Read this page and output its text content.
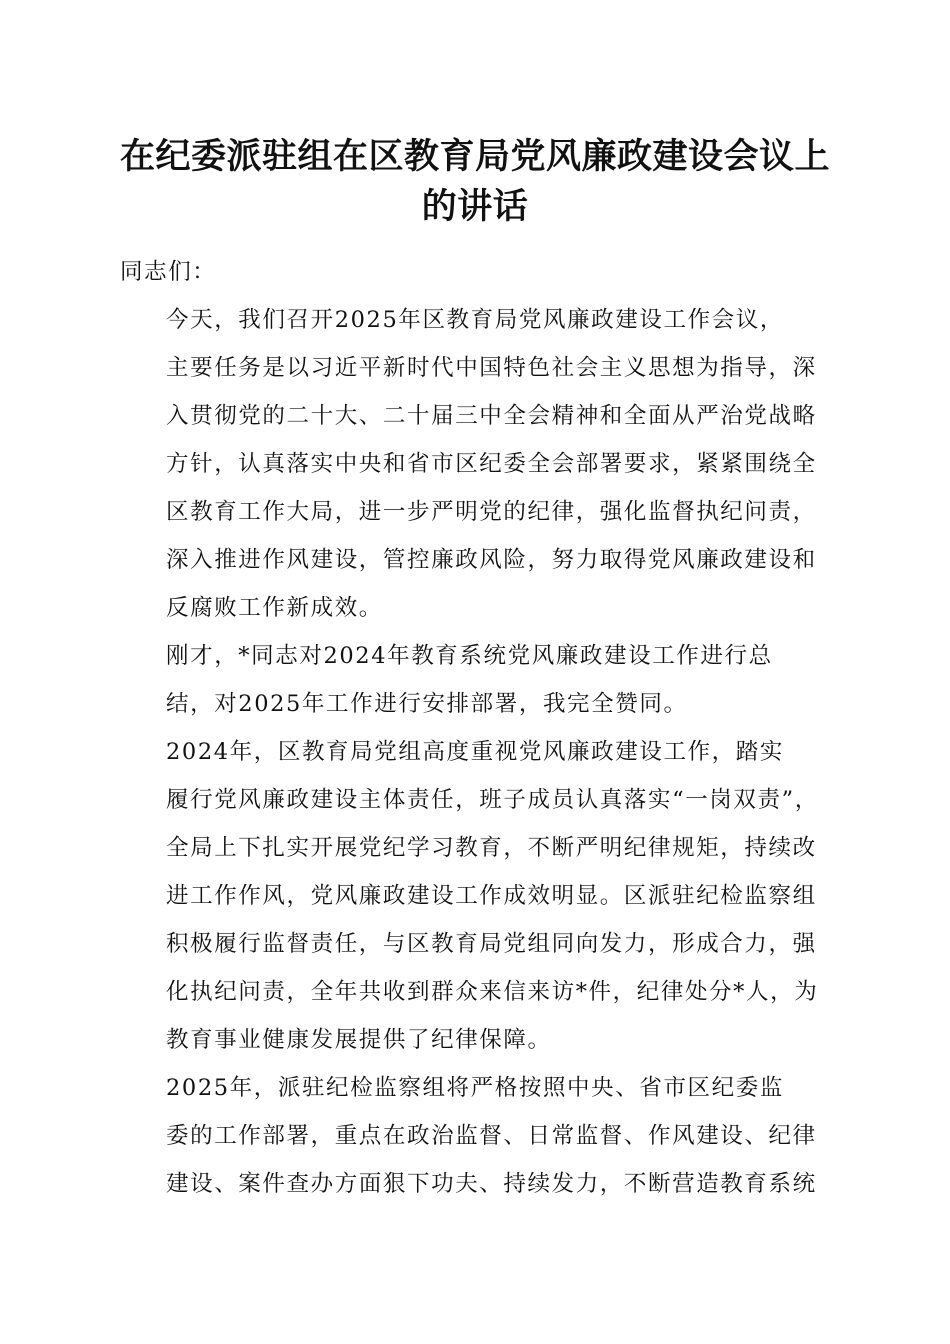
在纪委派驻组在区教育局党风廉政建设会议上
的讲话

同志们：

今天，我们召开2025年区教育局党风廉政建设工作会议，
主要任务是以习近平新时代中国特色社会主义思想为指导，深
入贯彻党的二十大、二十届三中全会精神和全面从严治党战略
方针，认真落实中央和省市区纪委全会部署要求，紧紧围绕全
区教育工作大局，进一步严明党的纪律，强化监督执纪问责，
深入推进作风建设，管控廉政风险，努力取得党风廉政建设和
反腐败工作新成效。

刚才，*同志对2024年教育系统党风廉政建设工作进行总
结，对2025年工作进行安排部署，我完全赞同。

2024年，区教育局党组高度重视党风廉政建设工作，踏实
履行党风廉政建设主体责任，班子成员认真落实“一岗双责”，
全局上下扎实开展党纪学习教育，不断严明纪律规矩，持续改
进工作作风，党风廉政建设工作成效明显。区派驻纪检监察组
积极履行监督责任，与区教育局党组同向发力，形成合力，强
化执纪问责，全年共收到群众来信来访*件，纪律处分*人，为
教育事业健康发展提供了纪律保障。

2025年，派驻纪检监察组将严格按照中央、省市区纪委监
委的工作部署，重点在政治监督、日常监督、作风建设、纪律
建设、案件查办方面狠下功夫、持续发力，不断营造教育系统
